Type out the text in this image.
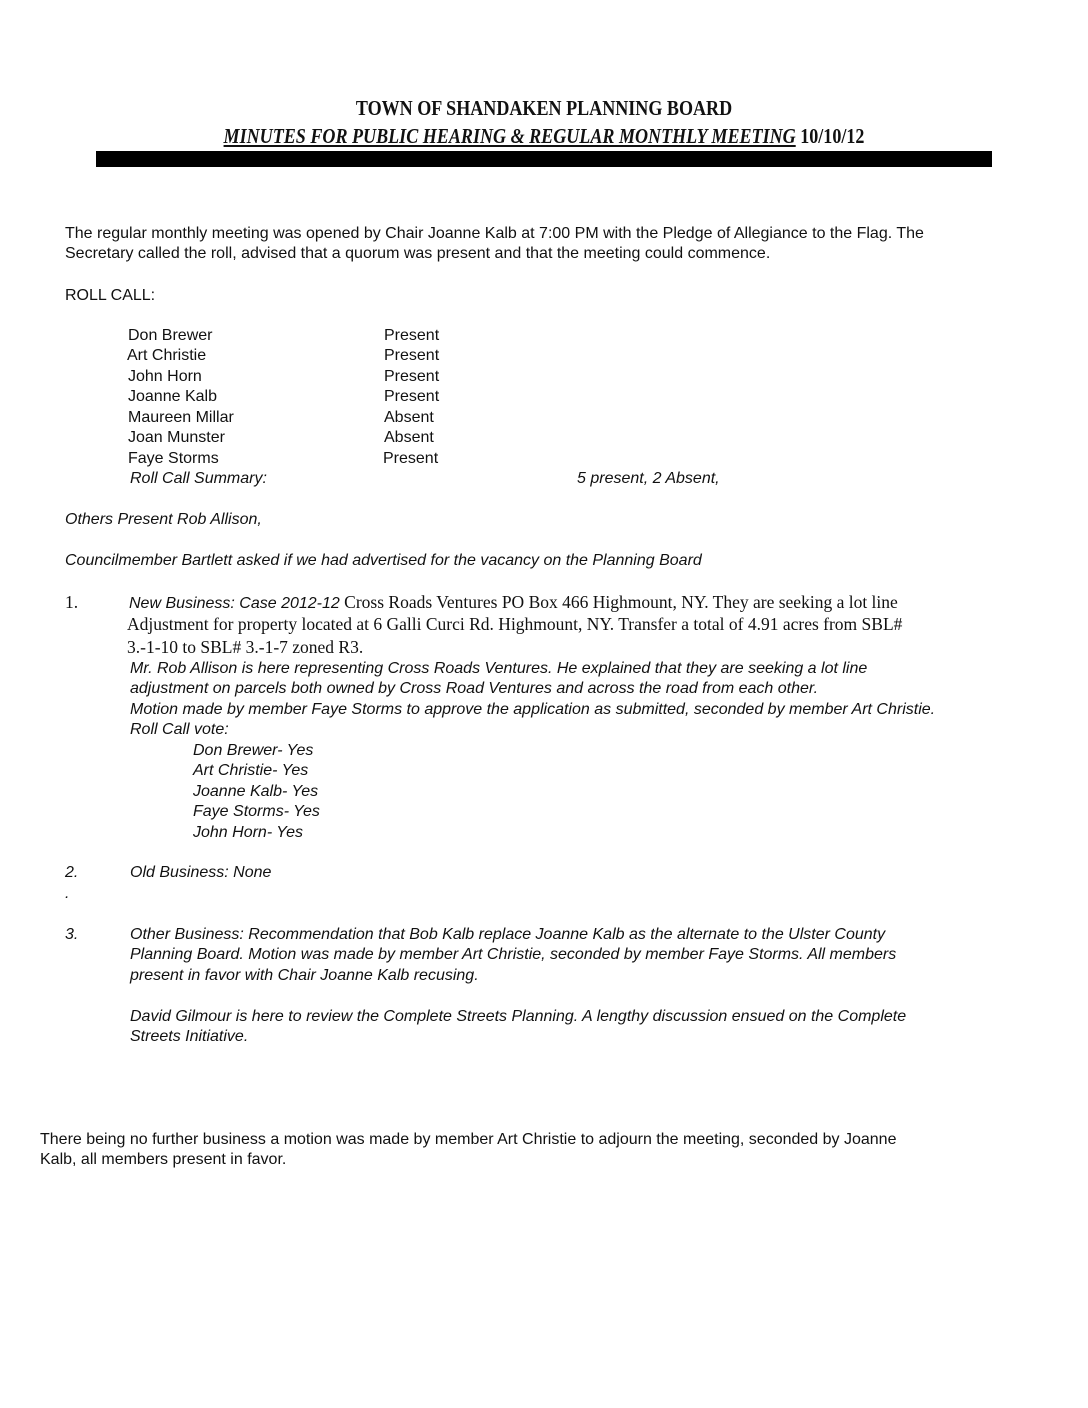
TOWN OF SHANDAKEN PLANNING BOARD
MINUTES FOR PUBLIC HEARING & REGULAR MONTHLY MEETING 10/10/12
The regular monthly meeting was opened by Chair Joanne Kalb at 7:00 PM with the Pledge of Allegiance to the Flag. The
Secretary called the roll, advised that a quorum was present and that the meeting could commence.
ROLL CALL:
Don Brewer	Present
Art Christie	Present
John Horn	Present
Joanne Kalb	Present
Maureen Millar	Absent
Joan Munster	Absent
Faye Storms	Present
Roll Call Summary:	5 present, 2 Absent,
Others Present Rob Allison,
Councilmember Bartlett asked if we had advertised for the vacancy on the Planning Board
1.	New Business: Case 2012-12 Cross Roads Ventures PO Box 466 Highmount, NY. They are seeking a lot line
Adjustment for property located at 6 Galli Curci Rd. Highmount, NY. Transfer a total of 4.91 acres from SBL#
3.-1-10 to SBL# 3.-1-7 zoned R3.
Mr. Rob Allison is here representing Cross Roads Ventures. He explained that they are seeking a lot line
adjustment on parcels both owned by Cross Road Ventures and across the road from each other.
Motion made by member Faye Storms to approve the application as submitted, seconded by member Art Christie.
Roll Call vote:
Don Brewer- Yes
Art Christie- Yes
Joanne Kalb- Yes
Faye Storms- Yes
John Horn- Yes
2.	Old Business: None
.
3.	Other Business: Recommendation that Bob Kalb replace Joanne Kalb as the alternate to the Ulster County
Planning Board. Motion was made by member Art Christie, seconded by member Faye Storms. All members
present in favor with Chair Joanne Kalb recusing.
David Gilmour is here to review the Complete Streets Planning. A lengthy discussion ensued on the Complete
Streets Initiative.
There being no further business a motion was made by member Art Christie to adjourn the meeting, seconded by Joanne
Kalb, all members present in favor.
